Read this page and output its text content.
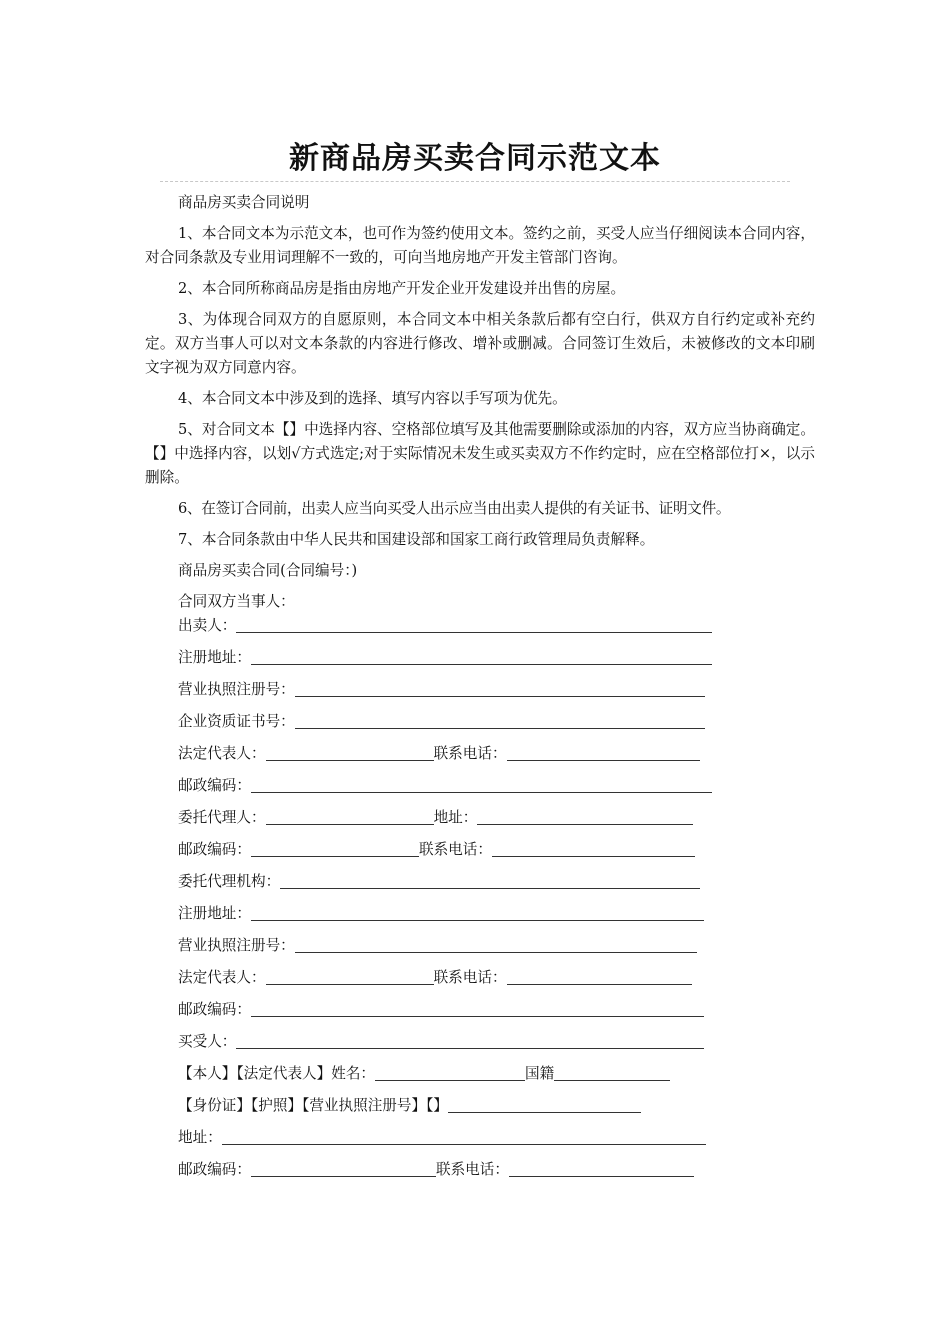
新商品房买卖合同示范文本

商品房买卖合同说明

1、本合同文本为示范文本，也可作为签约使用文本。签约之前，买受人应当仔细阅读本合同内容，对合同条款及专业用词理解不一致的，可向当地房地产开发主管部门咨询。

2、本合同所称商品房是指由房地产开发企业开发建设并出售的房屋。

3、为体现合同双方的自愿原则，本合同文本中相关条款后都有空白行，供双方自行约定或补充约定。双方当事人可以对文本条款的内容进行修改、增补或删减。合同签订生效后，未被修改的文本印刷文字视为双方同意内容。

4、本合同文本中涉及到的选择、填写内容以手写项为优先。

5、对合同文本【】中选择内容、空格部位填写及其他需要删除或添加的内容，双方应当协商确定。【】中选择内容，以划√方式选定;对于实际情况未发生或买卖双方不作约定时，应在空格部位打×，以示删除。

6、在签订合同前，出卖人应当向买受人出示应当由出卖人提供的有关证书、证明文件。

7、本合同条款由中华人民共和国建设部和国家工商行政管理局负责解释。

商品房买卖合同(合同编号：)

合同双方当事人：

出卖人：
注册地址：
营业执照注册号：
企业资质证书号：
法定代表人：	联系电话：
邮政编码：
委托代理人：	地址：
邮政编码：	联系电话：
委托代理机构：
注册地址：
营业执照注册号：
法定代表人：	联系电话：
邮政编码：
买受人：
【本人】【法定代表人】姓名：	国籍
【身份证】【护照】【营业执照注册号】【】
地址：
邮政编码：	联系电话：
